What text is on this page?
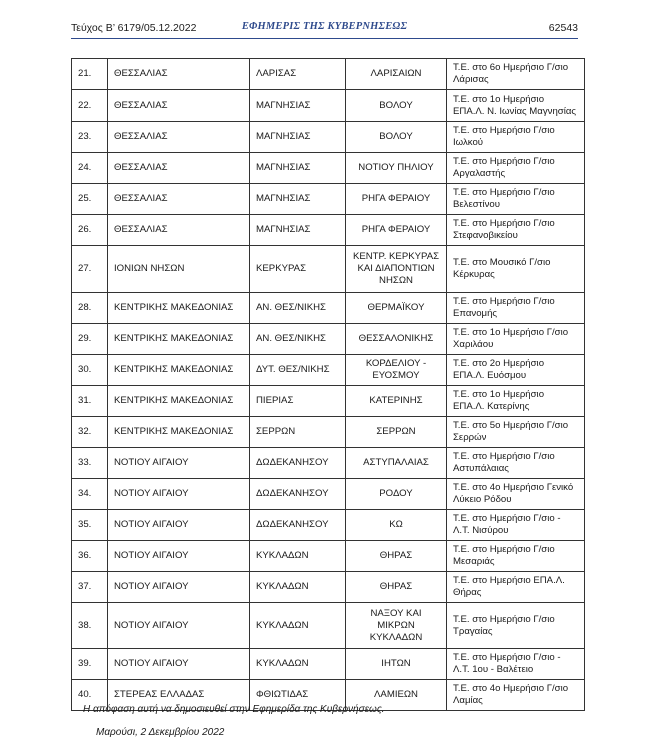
Τεύχος Β’ 6179/05.12.2022	ΕΦΗΜΕΡΙΣ ΤΗΣ ΚΥΒΕΡΝΗΣΕΩΣ	62543
21.	ΘΕΣΣΑΛΙΑΣ	ΛΑΡΙΣΑΣ	ΛΑΡΙΣΑΙΩΝ	Τ.Ε. στο 6ο Ημερήσιο Γ/σιο Λάρισας
22.	ΘΕΣΣΑΛΙΑΣ	ΜΑΓΝΗΣΙΑΣ	ΒΟΛΟΥ	Τ.Ε. στο 1ο Ημερήσιο ΕΠΑ.Λ. Ν. Ιωνίας Μαγνησίας
23.	ΘΕΣΣΑΛΙΑΣ	ΜΑΓΝΗΣΙΑΣ	ΒΟΛΟΥ	Τ.Ε. στο Ημερήσιο Γ/σιο Ιωλκού
24.	ΘΕΣΣΑΛΙΑΣ	ΜΑΓΝΗΣΙΑΣ	ΝΟΤΙΟΥ ΠΗΛΙΟΥ	Τ.Ε. στο Ημερήσιο Γ/σιο Αργαλαστής
25.	ΘΕΣΣΑΛΙΑΣ	ΜΑΓΝΗΣΙΑΣ	ΡΗΓΑ ΦΕΡΑΙΟΥ	Τ.Ε. στο Ημερήσιο Γ/σιο Βελεστίνου
26.	ΘΕΣΣΑΛΙΑΣ	ΜΑΓΝΗΣΙΑΣ	ΡΗΓΑ ΦΕΡΑΙΟΥ	Τ.Ε. στο Ημερήσιο Γ/σιο Στεφανοβικείου
27.	ΙΟΝΙΩΝ ΝΗΣΩΝ	ΚΕΡΚΥΡΑΣ	ΚΕΝΤΡ. ΚΕΡΚΥΡΑΣ ΚΑΙ ΔΙΑΠΟΝΤΙΩΝ ΝΗΣΩΝ	Τ.Ε. στο Μουσικό Γ/σιο Κέρκυρας
28.	ΚΕΝΤΡΙΚΗΣ ΜΑΚΕΔΟΝΙΑΣ	ΑΝ. ΘΕΣ/ΝΙΚΗΣ	ΘΕΡΜΑΪΚΟΥ	Τ.Ε. στο Ημερήσιο Γ/σιο Επανομής
29.	ΚΕΝΤΡΙΚΗΣ ΜΑΚΕΔΟΝΙΑΣ	ΑΝ. ΘΕΣ/ΝΙΚΗΣ	ΘΕΣΣΑΛΟΝΙΚΗΣ	Τ.Ε. στο 1ο Ημερήσιο Γ/σιο Χαριλάου
30.	ΚΕΝΤΡΙΚΗΣ ΜΑΚΕΔΟΝΙΑΣ	ΔΥΤ. ΘΕΣ/ΝΙΚΗΣ	ΚΟΡΔΕΛΙΟΥ - ΕΥΟΣΜΟΥ	Τ.Ε. στο 2ο Ημερήσιο ΕΠΑ.Λ. Ευόσμου
31.	ΚΕΝΤΡΙΚΗΣ ΜΑΚΕΔΟΝΙΑΣ	ΠΙΕΡΙΑΣ	ΚΑΤΕΡΙΝΗΣ	Τ.Ε. στο 1ο Ημερήσιο ΕΠΑ.Λ. Κατερίνης
32.	ΚΕΝΤΡΙΚΗΣ ΜΑΚΕΔΟΝΙΑΣ	ΣΕΡΡΩΝ	ΣΕΡΡΩΝ	Τ.Ε. στο 5ο Ημερήσιο Γ/σιο Σερρών
33.	ΝΟΤΙΟΥ ΑΙΓΑΙΟΥ	ΔΩΔΕΚΑΝΗΣΟΥ	ΑΣΤΥΠΑΛΑΙΑΣ	Τ.Ε. στο Ημερήσιο Γ/σιο Αστυπάλαιας
34.	ΝΟΤΙΟΥ ΑΙΓΑΙΟΥ	ΔΩΔΕΚΑΝΗΣΟΥ	ΡΟΔΟΥ	Τ.Ε. στο 4ο Ημερήσιο Γενικό Λύκειο Ρόδου
35.	ΝΟΤΙΟΥ ΑΙΓΑΙΟΥ	ΔΩΔΕΚΑΝΗΣΟΥ	ΚΩ	Τ.Ε. στο Ημερήσιο Γ/σιο - Λ.Τ. Νισύρου
36.	ΝΟΤΙΟΥ ΑΙΓΑΙΟΥ	ΚΥΚΛΑΔΩΝ	ΘΗΡΑΣ	Τ.Ε. στο Ημερήσιο Γ/σιο Μεσαριάς
37.	ΝΟΤΙΟΥ ΑΙΓΑΙΟΥ	ΚΥΚΛΑΔΩΝ	ΘΗΡΑΣ	Τ.Ε. στο Ημερήσιο ΕΠΑ.Λ. Θήρας
38.	ΝΟΤΙΟΥ ΑΙΓΑΙΟΥ	ΚΥΚΛΑΔΩΝ	ΝΑΞΟΥ ΚΑΙ ΜΙΚΡΩΝ ΚΥΚΛΑΔΩΝ	Τ.Ε. στο Ημερήσιο Γ/σιο Τραγαίας
39.	ΝΟΤΙΟΥ ΑΙΓΑΙΟΥ	ΚΥΚΛΑΔΩΝ	ΙΗΤΩΝ	Τ.Ε. στο Ημερήσιο Γ/σιο - Λ.Τ. 1ου - Βαλέτειο
40.	ΣΤΕΡΕΑΣ ΕΛΛΑΔΑΣ	ΦΘΙΩΤΙΔΑΣ	ΛΑΜΙΕΩΝ	Τ.Ε. στο 4ο Ημερήσιο Γ/σιο Λαμίας
Η απόφαση αυτή να δημοσιευθεί στην Εφημερίδα της Κυβερνήσεως.
Μαρούσι, 2 Δεκεμβρίου 2022
